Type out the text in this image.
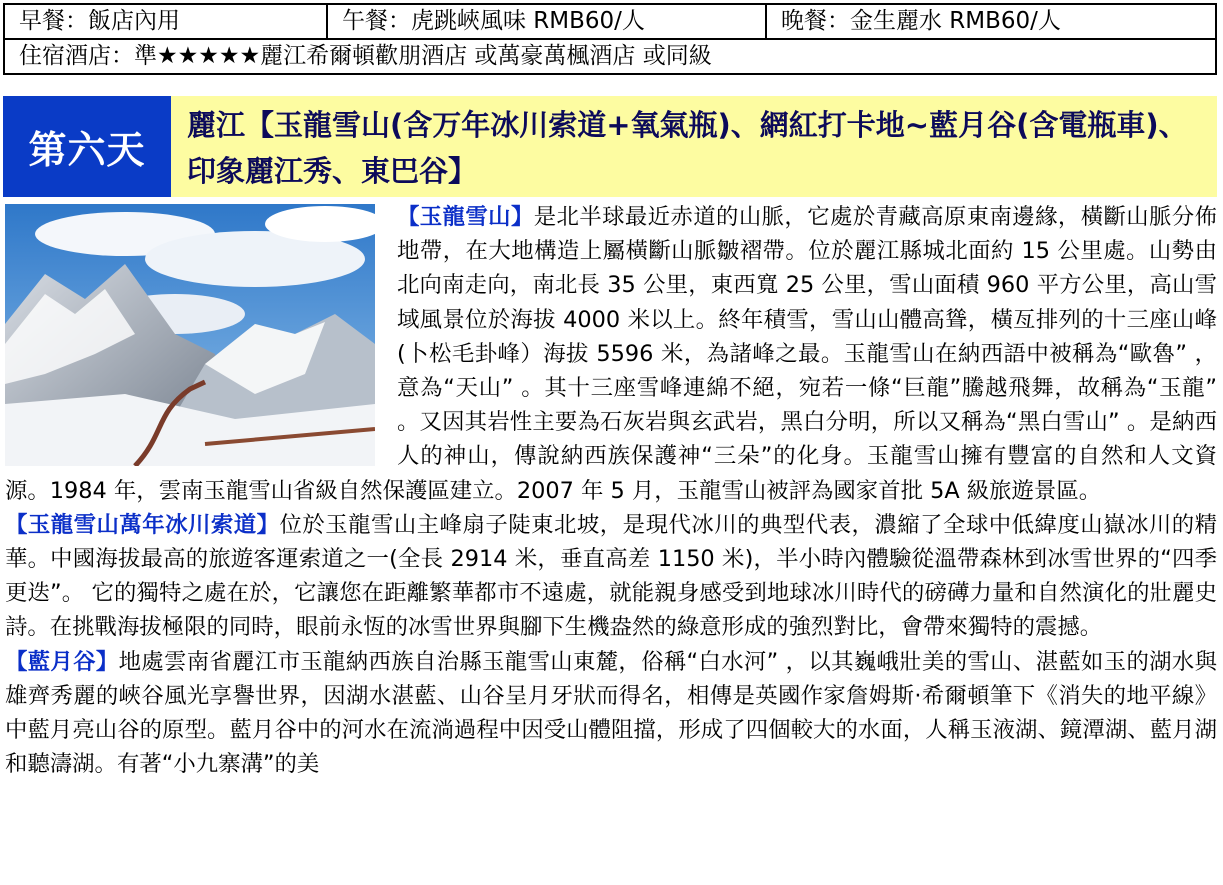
早餐：飯店內用	午餐：虎跳峽風味 RMB60/人	晚餐：金生麗水 RMB60/人
住宿酒店：準★★★★★麗江希爾頓歡朋酒店 或萬豪萬楓酒店 或同級
第六天
麗江【玉龍雪山(含万年冰川索道+氧氣瓶)、網紅打卡地~藍月谷(含電瓶車)、印象麗江秀、東巴谷】

【玉龍雪山】是北半球最近赤道的山脈，它處於青藏高原東南邊緣，橫斷山脈分佈地帶，在大地構造上屬橫斷山脈皺褶帶。位於麗江縣城北面約 15 公里處。山勢由北向南走向，南北長 35 公里，東西寬 25 公里，雪山面積 960 平方公里，高山雪域風景位於海拔 4000 米以上。終年積雪，雪山山體高聳，橫亙排列的十三座山峰(卜松毛卦峰）海拔 5596 米，為諸峰之最。玉龍雪山在納西語中被稱為“歐魯” ，意為“天山” 。其十三座雪峰連綿不絕，宛若一條“巨龍”騰越飛舞，故稱為“玉龍” 。又因其岩性主要為石灰岩與玄武岩，黑白分明，所以又稱為“黑白雪山” 。是納西人的神山，傳說納西族保護神“三朵”的化身。玉龍雪山擁有豐富的自然和人文資源。1984 年，雲南玉龍雪山省級自然保護區建立。2007 年 5 月，玉龍雪山被評為國家首批 5A 級旅遊景區。

【玉龍雪山萬年冰川索道】位於玉龍雪山主峰扇子陡東北坡，是現代冰川的典型代表，濃縮了全球中低緯度山嶽冰川的精華。中國海拔最高的旅遊客運索道之一(全長 2914 米，垂直高差 1150 米)，半小時內體驗從溫帶森林到冰雪世界的“四季更迭”。 它的獨特之處在於，它讓您在距離繁華都市不遠處，就能親身感受到地球冰川時代的磅礡力量和自然演化的壯麗史詩。在挑戰海拔極限的同時，眼前永恆的冰雪世界與腳下生機盎然的綠意形成的強烈對比，會帶來獨特的震撼。

【藍月谷】地處雲南省麗江市玉龍納西族自治縣玉龍雪山東麓，俗稱“白水河” ，以其巍峨壯美的雪山、湛藍如玉的湖水與雄齊秀麗的峽谷風光享譽世界，因湖水湛藍、山谷呈月牙狀而得名，相傳是英國作家詹姆斯·希爾頓筆下《消失的地平線》中藍月亮山谷的原型。藍月谷中的河水在流淌過程中因受山體阻擋，形成了四個較大的水面，人稱玉液湖、鏡潭湖、藍月湖和聽濤湖。有著“小九寨溝”的美
